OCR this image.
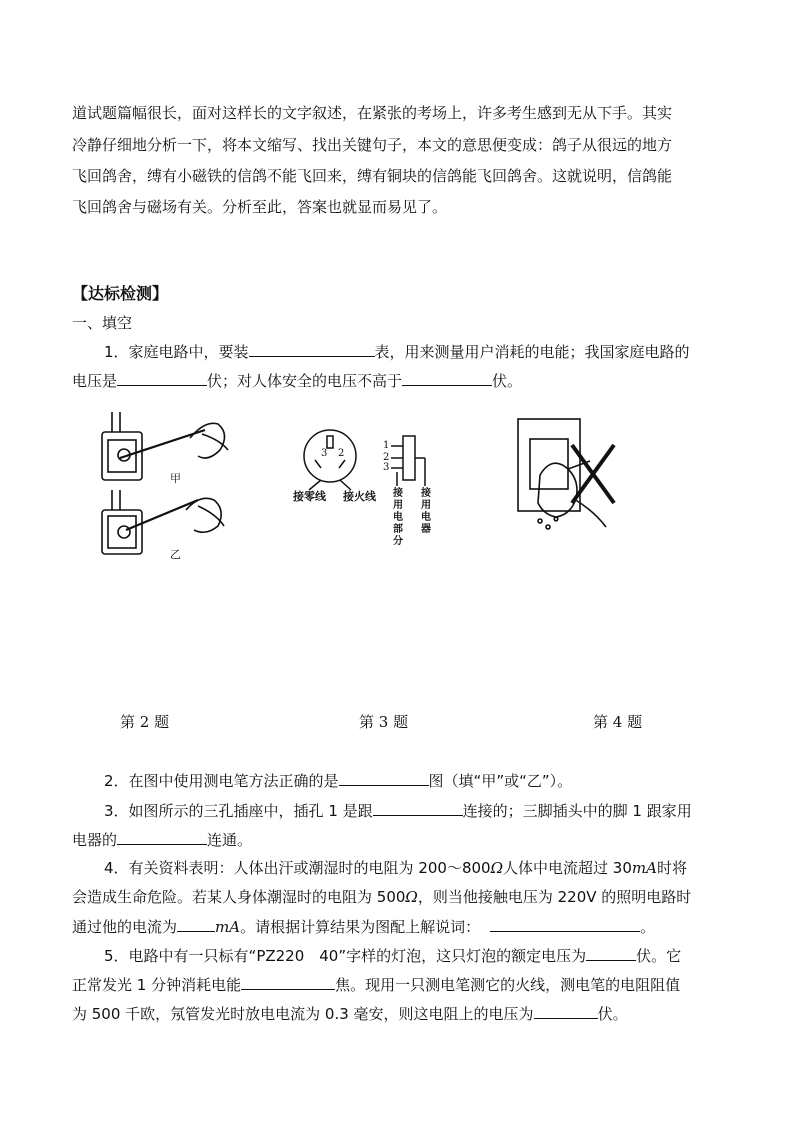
道试题篇幅很长，面对这样长的文字叙述，在紧张的考场上，许多考生感到无从下手。其实
冷静仔细地分析一下，将本文缩写、找出关键句子，本文的意思便变成：鸽子从很远的地方
飞回鸽舍，缚有小磁铁的信鸽不能飞回来，缚有铜块的信鸽能飞回鸽舍。这就说明，信鸽能
飞回鸽舍与磁场有关。分析至此，答案也就显而易见了。
【达标检测】
一、填空
1．家庭电路中，要装	表，用来测量用户消耗的电能；我国家庭电路的
电压是	伏；对人体安全的电压不高于	伏。
甲
乙
3 2
1
2
3
接零线 接火线 接用电部分
接用电器
第 2 题	第 3 题	第 4 题
2．在图中使用测电笔方法正确的是	图（填“甲”或“乙”）。
3．如图所示的三孔插座中，插孔 1 是跟	连接的；三脚插头中的脚 1 跟家用
电器的	连通。
4．有关资料表明：人体出汗或潮湿时的电阻为 200～800Ω人体中电流超过 30mA时将
会造成生命危险。若某人身体潮湿时的电阻为 500Ω，则当他接触电压为 220V 的照明电路时
通过他的电流为	mA。请根据计算结果为图配上解说词：	。
5．电路中有一只标有“PZ220　40”字样的灯泡，这只灯泡的额定电压为	伏。它
正常发光 1 分钟消耗电能	焦。现用一只测电笔测它的火线，测电笔的电阻阻值
为 500 千欧，氖管发光时放电电流为 0.3 毫安，则这电阻上的电压为	伏。
